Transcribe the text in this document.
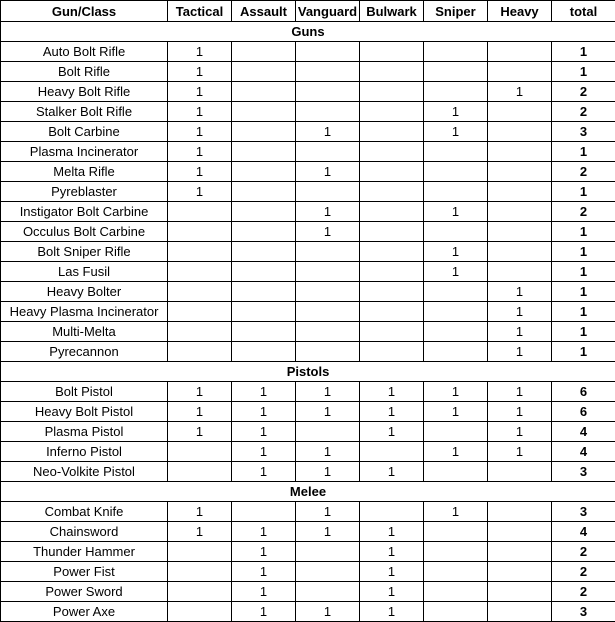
Gun/Class	Tactical	Assault	Vanguard	Bulwark	Sniper	Heavy	total
Guns							
Auto Bolt Rifle	1						1
Bolt Rifle	1						1
Heavy Bolt Rifle	1					1	2
Stalker Bolt Rifle	1				1		2
Bolt Carbine	1		1		1		3
Plasma Incinerator	1						1
Melta Rifle	1		1				2
Pyreblaster	1						1
Instigator Bolt Carbine			1		1		2
Occulus Bolt Carbine			1				1
Bolt Sniper Rifle					1		1
Las Fusil					1		1
Heavy Bolter						1	1
Heavy Plasma Incinerator						1	1
Multi-Melta						1	1
Pyrecannon						1	1
Pistols							
Bolt Pistol	1	1	1	1	1	1	6
Heavy Bolt Pistol	1	1	1	1	1	1	6
Plasma Pistol	1	1		1		1	4
Inferno Pistol		1	1		1	1	4
Neo-Volkite Pistol		1	1	1			3
Melee							
Combat Knife	1		1		1		3
Chainsword	1	1	1	1			4
Thunder Hammer		1		1			2
Power Fist		1		1			2
Power Sword		1		1			2
Power Axe		1	1	1			3
